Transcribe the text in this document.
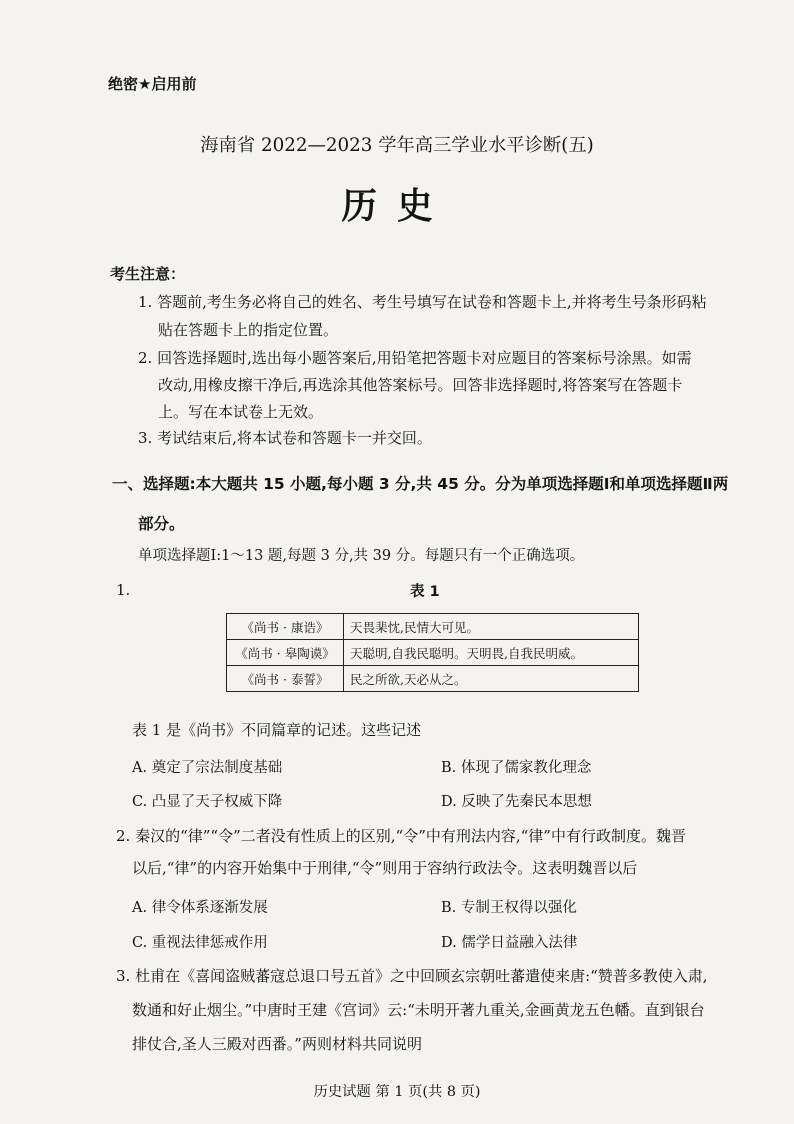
绝密★启用前
海南省 2022—2023 学年高三学业水平诊断(五)
历史
考生注意：
1. 答题前,考生务必将自己的姓名、考生号填写在试卷和答题卡上,并将考生号条形码粘
贴在答题卡上的指定位置。
2. 回答选择题时,选出每小题答案后,用铅笔把答题卡对应题目的答案标号涂黑。如需
改动,用橡皮擦干净后,再选涂其他答案标号。回答非选择题时,将答案写在答题卡
上。写在本试卷上无效。
3. 考试结束后,将本试卷和答题卡一并交回。
一、选择题:本大题共 15 小题,每小题 3 分,共 45 分。分为单项选择题Ⅰ和单项选择题Ⅱ两
部分。
单项选择题Ⅰ:1～13 题,每题 3 分,共 39 分。每题只有一个正确选项。
1.	表 1
《尚书 · 康诰》	天畏棐忱,民情大可见。
《尚书 · 皋陶谟》	天聪明,自我民聪明。天明畏,自我民明威。
《尚书 · 泰誓》	民之所欲,天必从之。
表 1 是《尚书》不同篇章的记述。这些记述
A. 奠定了宗法制度基础	B. 体现了儒家教化理念
C. 凸显了天子权威下降	D. 反映了先秦民本思想
2. 秦汉的“律”“令”二者没有性质上的区别,“令”中有刑法内容,“律”中有行政制度。魏晋
以后,“律”的内容开始集中于刑律,“令”则用于容纳行政法令。这表明魏晋以后
A. 律令体系逐渐发展	B. 专制王权得以强化
C. 重视法律惩戒作用	D. 儒学日益融入法律
3. 杜甫在《喜闻盗贼蕃寇总退口号五首》之中回顾玄宗朝吐蕃遣使来唐:“赞普多教使入肃,
数通和好止烟尘。”中唐时王建《宫词》云:“未明开著九重关,金画黄龙五色幡。直到银台
排仗合,圣人三殿对西番。”两则材料共同说明
历史试题 第 1 页(共 8 页)
